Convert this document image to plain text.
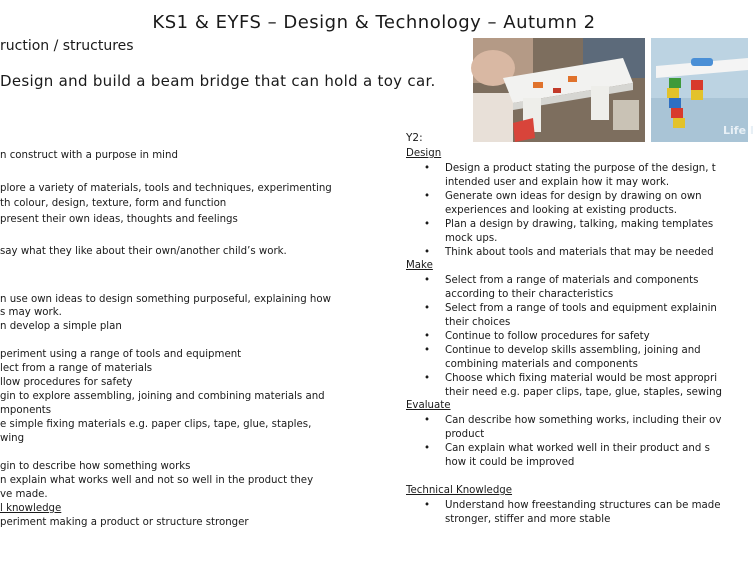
KS1 & EYFS – Design & Technology – Autumn 2
ruction / structures
Design and build a beam bridge that can hold a toy car.
Life I
n construct with a purpose in mind
plore a variety of materials, tools and techniques, experimenting
th colour, design, texture, form and function
present their own ideas, thoughts and feelings
say what they like about their own/another child’s work.
n use own ideas to design something purposeful, explaining how
s may work.
n develop a simple plan
periment using a range of tools and equipment
lect from a range of materials
llow procedures for safety
gin to explore assembling, joining and combining materials and
mponents
e simple fixing materials e.g. paper clips, tape, glue, staples,
wing
gin to describe how something works
n explain what works well and not so well in the product they
ve made.
l knowledge
periment making a product or structure stronger
Y2:
Design
• Design a product stating the purpose of the design, t
intended user and explain how it may work.
• Generate own ideas for design by drawing on own
experiences and looking at existing products.
• Plan a design by drawing, talking, making templates
mock ups.
• Think about tools and materials that may be needed
Make
• Select from a range of materials and components
according to their characteristics
• Select from a range of tools and equipment explainin
their choices
• Continue to follow procedures for safety
• Continue to develop skills assembling, joining and
combining materials and components
• Choose which fixing material would be most appropri
their need e.g. paper clips, tape, glue, staples, sewing
Evaluate
• Can describe how something works, including their ov
product
• Can explain what worked well in their product and s
how it could be improved
Technical Knowledge
• Understand how freestanding structures can be made
stronger, stiffer and more stable
